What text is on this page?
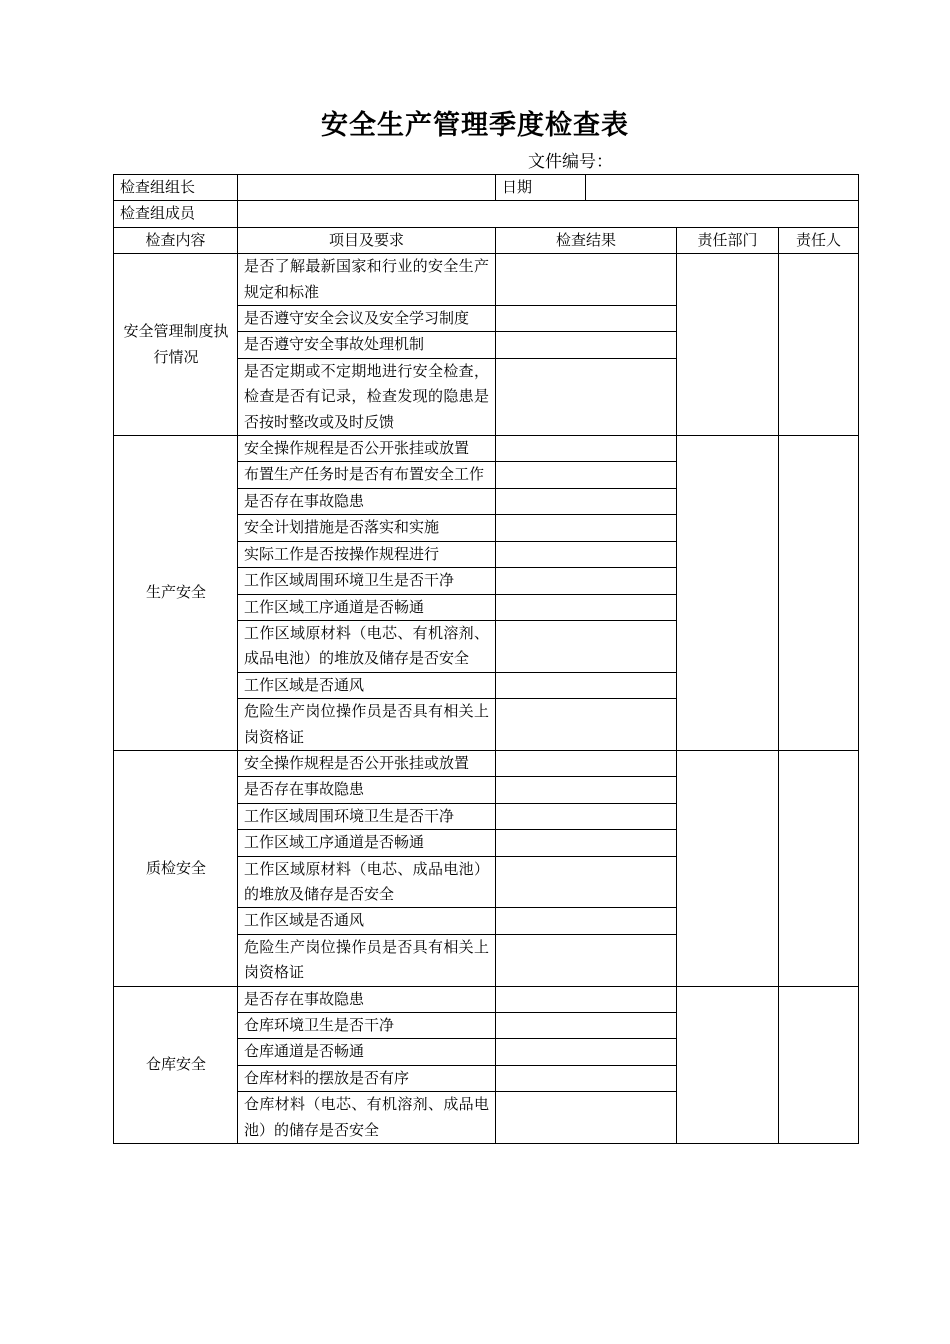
安全生产管理季度检查表
文件编号：
检查组组长		日期			
检查组成员					
检查内容	项目及要求	检查结果		责任部门	责任人

安全管理制度执行情况	是否了解最新国家和行业的安全生产规定和标准				
	是否遵守安全会议及安全学习制度				
	是否遵守安全事故处理机制				
	是否定期或不定期地进行安全检查，检查是否有记录，检查发现的隐患是否按时整改或及时反馈				

生产安全	安全操作规程是否公开张挂或放置				
	布置生产任务时是否有布置安全工作				
	是否存在事故隐患				
	安全计划措施是否落实和实施				
	实际工作是否按操作规程进行				
	工作区域周围环境卫生是否干净				
	工作区域工序通道是否畅通				
	工作区域原材料（电芯、有机溶剂、成品电池）的堆放及储存是否安全				
	工作区域是否通风				
	危险生产岗位操作员是否具有相关上岗资格证				

质检安全	安全操作规程是否公开张挂或放置				
	是否存在事故隐患				
	工作区域周围环境卫生是否干净				
	工作区域工序通道是否畅通				
	工作区域原材料（电芯、成品电池）的堆放及储存是否安全				
	工作区域是否通风				
	危险生产岗位操作员是否具有相关上岗资格证				

仓库安全	是否存在事故隐患				
	仓库环境卫生是否干净				
	仓库通道是否畅通				
	仓库材料的摆放是否有序				
	仓库材料（电芯、有机溶剂、成品电池）的储存是否安全				
